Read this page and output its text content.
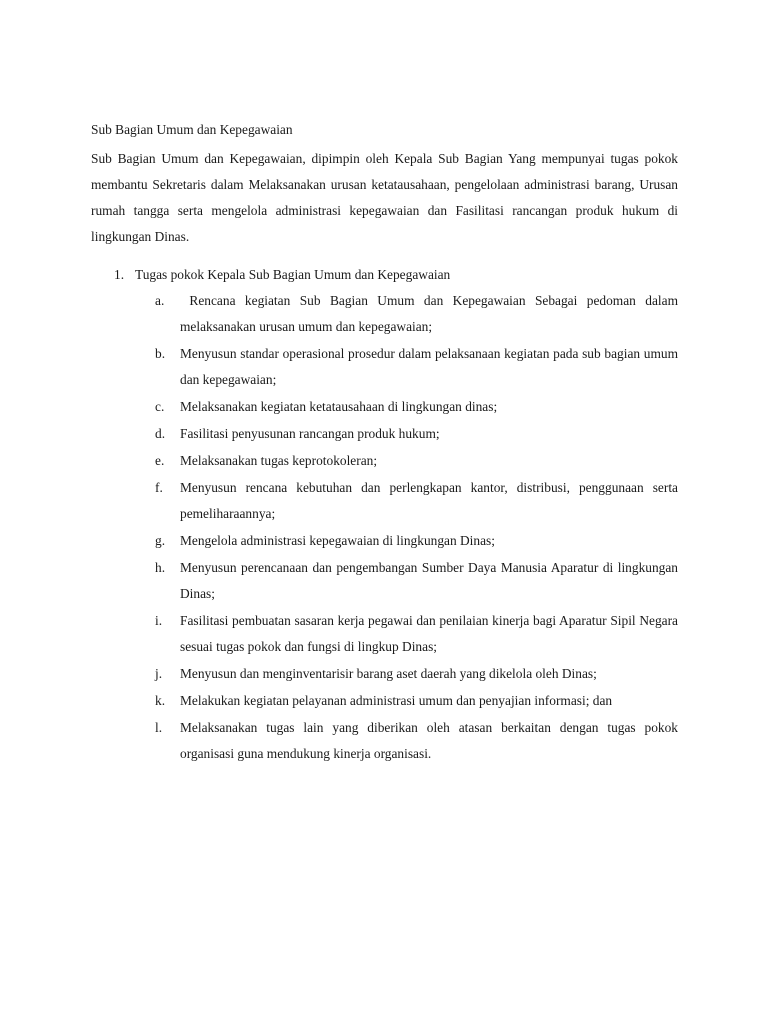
Sub Bagian Umum dan Kepegawaian

Sub Bagian Umum dan Kepegawaian, dipimpin oleh Kepala Sub Bagian Yang mempunyai tugas pokok membantu Sekretaris dalam Melaksanakan urusan ketatausahaan, pengelolaan administrasi barang, Urusan rumah tangga serta mengelola administrasi kepegawaian dan Fasilitasi rancangan produk hukum di lingkungan Dinas.

1. Tugas pokok Kepala Sub Bagian Umum dan Kepegawaian
a.	Rencana kegiatan Sub Bagian Umum dan Kepegawaian Sebagai pedoman dalam melaksanakan urusan umum dan kepegawaian;
b.	Menyusun standar operasional prosedur dalam pelaksanaan kegiatan pada sub bagian umum dan kepegawaian;
c.	Melaksanakan kegiatan ketatausahaan di lingkungan dinas;
d.	Fasilitasi penyusunan rancangan produk hukum;
e.	Melaksanakan tugas keprotokoleran;
f.	Menyusun rencana kebutuhan dan perlengkapan kantor, distribusi, penggunaan serta pemeliharaannya;
g.	Mengelola administrasi kepegawaian di lingkungan Dinas;
h.	Menyusun perencanaan dan pengembangan Sumber Daya Manusia Aparatur di lingkungan Dinas;
i.	Fasilitasi pembuatan sasaran kerja pegawai dan penilaian kinerja bagi Aparatur Sipil Negara sesuai tugas pokok dan fungsi di lingkup Dinas;
j.	Menyusun dan menginventarisir barang aset daerah yang dikelola oleh Dinas;
k.	Melakukan kegiatan pelayanan administrasi umum dan penyajian informasi; dan
l.	Melaksanakan tugas lain yang diberikan oleh atasan berkaitan dengan tugas pokok organisasi guna mendukung kinerja organisasi.
